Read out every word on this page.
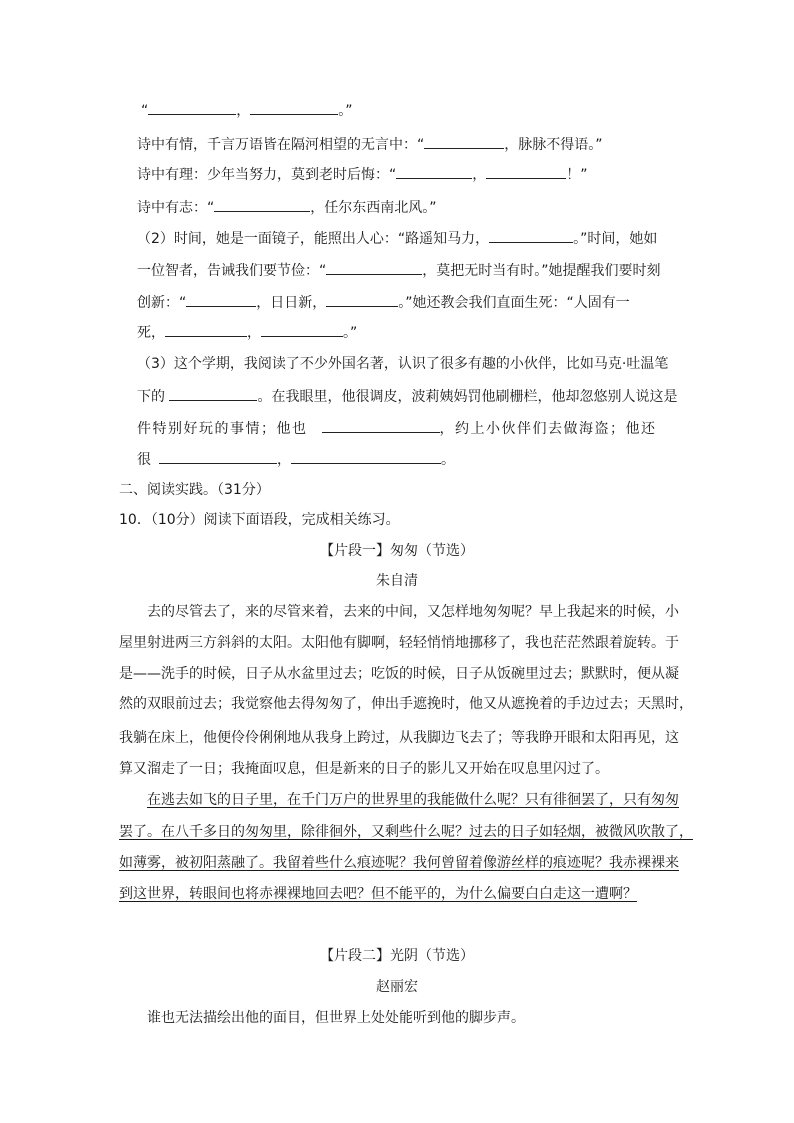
“	，	。”
诗中有情，千言万语皆在隔河相望的无言中：“	，脉脉不得语。”
诗中有理：少年当努力，莫到老时后悔：“	，	！”
诗中有志：“	，任尔东西南北风。”
（2）时间，她是一面镜子，能照出人心：“路遥知马力，	。”时间，她如
一位智者，告诫我们要节俭：“	，莫把无时当有时。”她提醒我们要时刻
创新：“	，日日新，	。”她还教会我们直面生死：“人固有一
死，	，	。”
（3）这个学期，我阅读了不少外国名著，认识了很多有趣的小伙伴，比如马克·吐温笔
下的	。在我眼里，他很调皮，波莉姨妈罚他刷栅栏，他却忽悠别人说这是
件特别好玩的事情；他也	，约上小伙伴们去做海盗；他还
很	，	。
二、阅读实践。（31分）
10．（10分）阅读下面语段，完成相关练习。
【片段一】匆匆（节选）
朱自清
去的尽管去了，来的尽管来着，去来的中间，又怎样地匆匆呢？早上我起来的时候，小
屋里射进两三方斜斜的太阳。太阳他有脚啊，轻轻悄悄地挪移了，我也茫茫然跟着旋转。于
是——洗手的时候，日子从水盆里过去；吃饭的时候，日子从饭碗里过去；默默时，便从凝
然的双眼前过去；我觉察他去得匆匆了，伸出手遮挽时，他又从遮挽着的手边过去；天黑时，
我躺在床上，他便伶伶俐俐地从我身上跨过，从我脚边飞去了；等我睁开眼和太阳再见，这
算又溜走了一日；我掩面叹息，但是新来的日子的影儿又开始在叹息里闪过了。
在逃去如飞的日子里，在千门万户的世界里的我能做什么呢？只有徘徊罢了，只有匆匆
罢了。在八千多日的匆匆里，除徘徊外，又剩些什么呢？过去的日子如轻烟，被微风吹散了，
如薄雾，被初阳蒸融了。我留着些什么痕迹呢？我何曾留着像游丝样的痕迹呢？我赤裸裸来
到这世界，转眼间也将赤裸裸地回去吧？但不能平的，为什么偏要白白走这一遭啊？
【片段二】光阴（节选）
赵丽宏
谁也无法描绘出他的面目，但世界上处处能听到他的脚步声。
